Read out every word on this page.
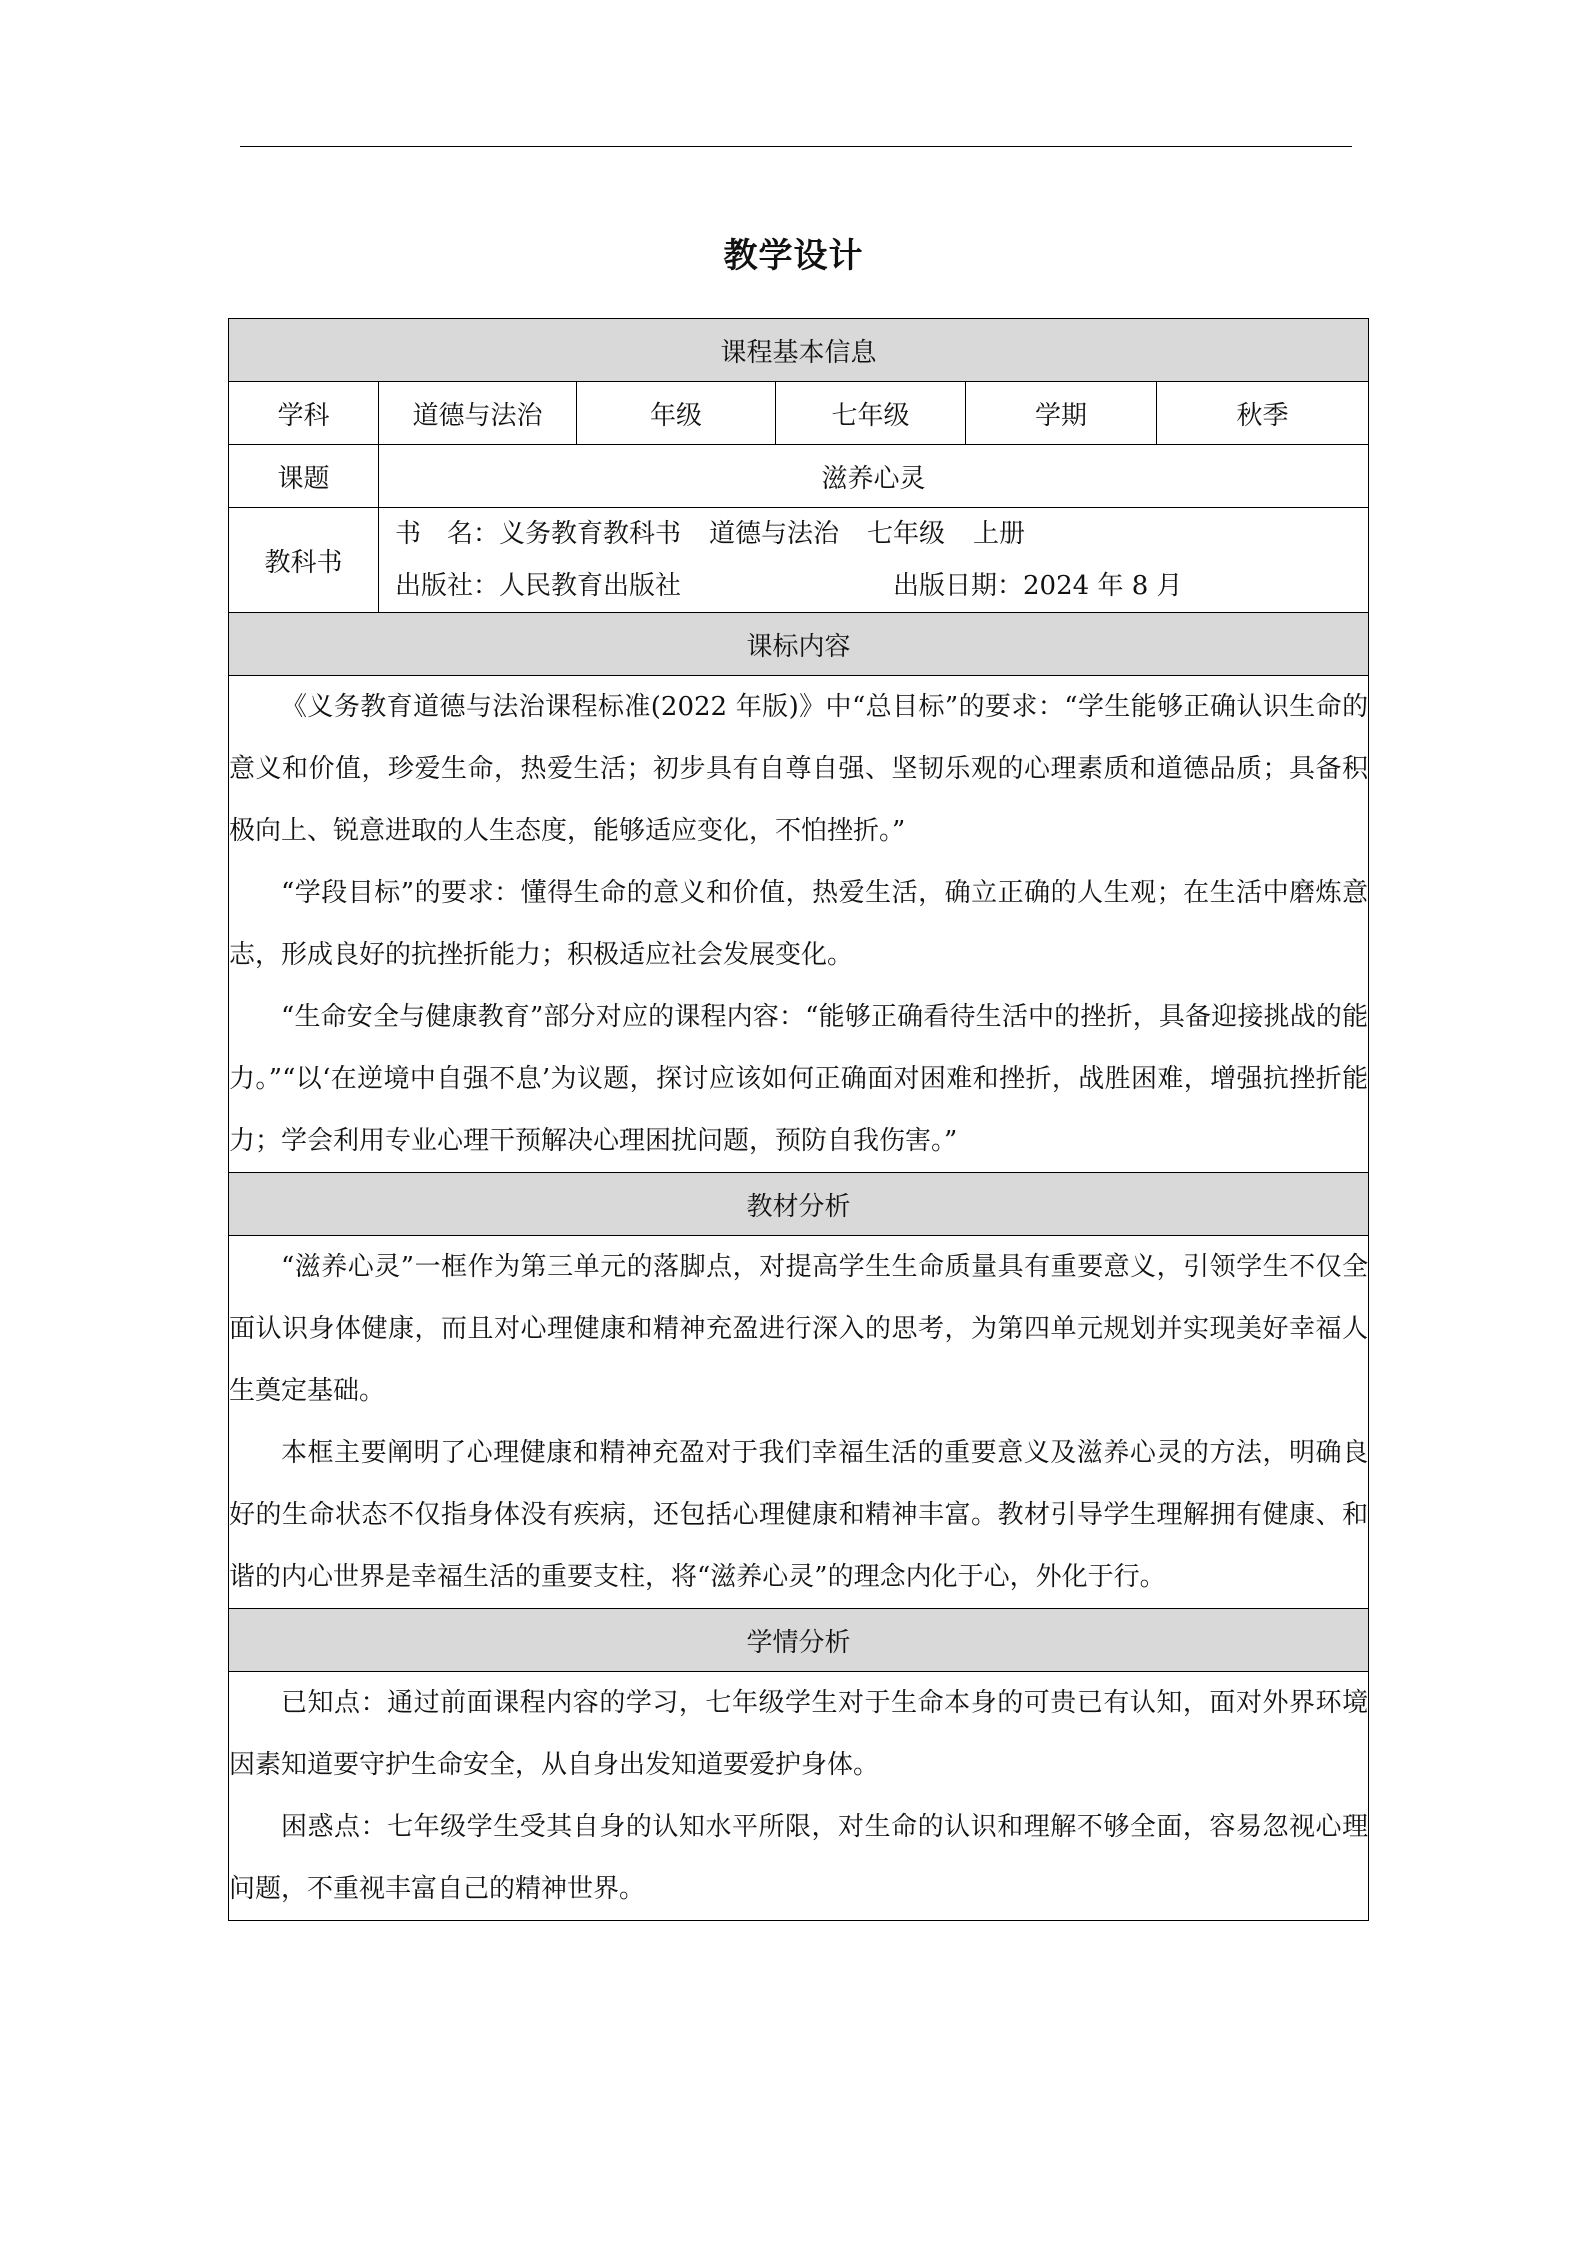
教学设计
课程基本信息					
学科	道德与法治	年级	七年级	学期	秋季
课题	滋养心灵				
教科书	书　名：义务教育教科书 道德与法治 七年级 上册
出版社：人民教育出版社 出版日期：2024 年 8 月				

课标内容					

《义务教育道德与法治课程标准(2022 年版)》中“总目标”的要求：“学生能够正确认识生命的意义和价值，珍爱生命，热爱生活；初步具有自尊自强、坚韧乐观的心理素质和道德品质；具备积极向上、锐意进取的人生态度，能够适应变化，不怕挫折。”

“学段目标”的要求：懂得生命的意义和价值，热爱生活，确立正确的人生观；在生活中磨炼意志，形成良好的抗挫折能力；积极适应社会发展变化。

“生命安全与健康教育”部分对应的课程内容：“能够正确看待生活中的挫折，具备迎接挑战的能力。”“以‘在逆境中自强不息’为议题，探讨应该如何正确面对困难和挫折，战胜困难，增强抗挫折能力；学会利用专业心理干预解决心理困扰问题，预防自我伤害。”					

教材分析					

“滋养心灵”一框作为第三单元的落脚点，对提高学生生命质量具有重要意义，引领学生不仅全面认识身体健康，而且对心理健康和精神充盈进行深入的思考，为第四单元规划并实现美好幸福人生奠定基础。

本框主要阐明了心理健康和精神充盈对于我们幸福生活的重要意义及滋养心灵的方法，明确良好的生命状态不仅指身体没有疾病，还包括心理健康和精神丰富。教材引导学生理解拥有健康、和谐的内心世界是幸福生活的重要支柱，将“滋养心灵”的理念内化于心，外化于行。					

学情分析					

已知点：通过前面课程内容的学习，七年级学生对于生命本身的可贵已有认知，面对外界环境因素知道要守护生命安全，从自身出发知道要爱护身体。

困惑点：七年级学生受其自身的认知水平所限，对生命的认识和理解不够全面，容易忽视心理问题，不重视丰富自己的精神世界。					
